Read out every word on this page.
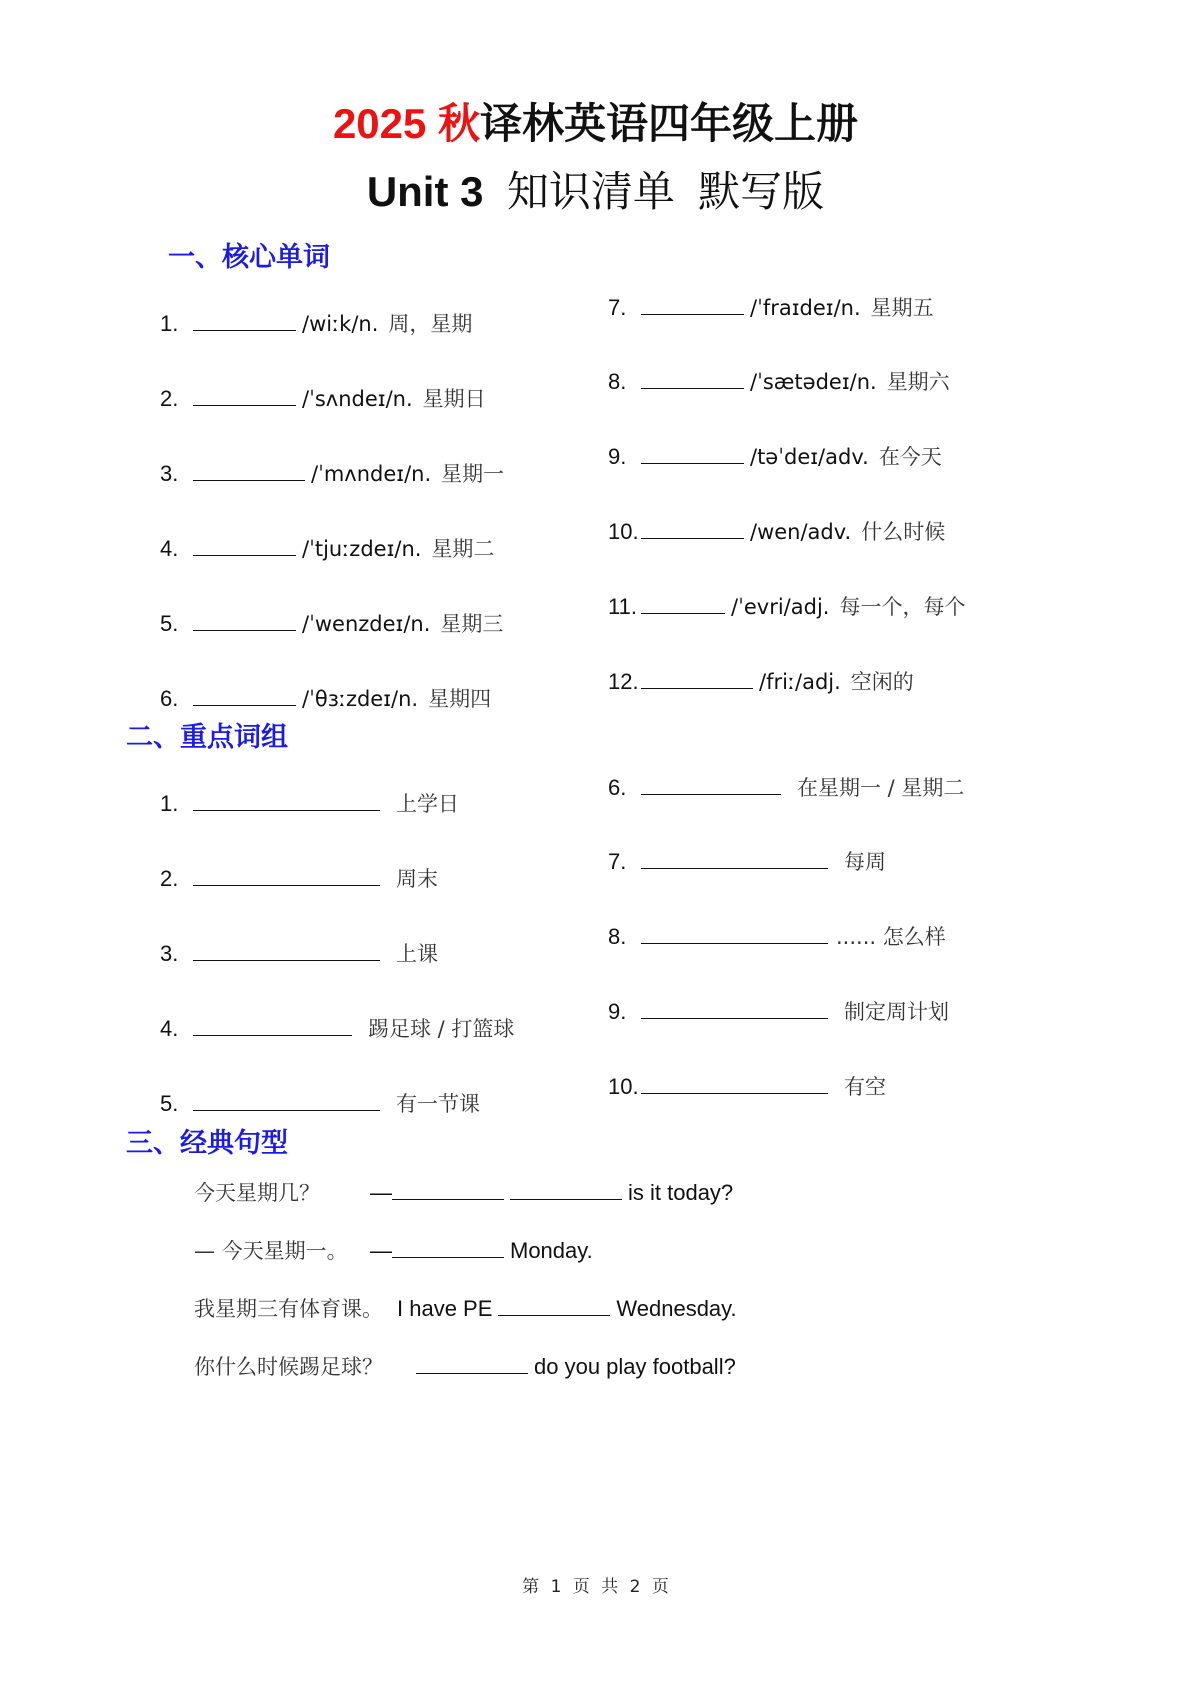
2025 秋译林英语四年级上册
Unit 3 知识清单  默写版
一、核心单词
1.	/wiːk/n. 周，星期
2.	/ˈsʌndeɪ/n. 星期日
3.	/ˈmʌndeɪ/n. 星期一
4.	/ˈtjuːzdeɪ/n. 星期二
5.	/ˈwenzdeɪ/n. 星期三
6.	/ˈθɜːzdeɪ/n. 星期四
7.	/ˈfraɪdeɪ/n. 星期五
8.	/ˈsætədeɪ/n. 星期六
9.	/təˈdeɪ/adv. 在今天
10.	/wen/adv. 什么时候
11.	/ˈevri/adj. 每一个，每个
12.	/friː/adj. 空闲的
二、重点词组
1.	上学日
2.	周末
3.	上课
4.	踢足球 / 打篮球
5.	有一节课
6.	在星期一 / 星期二
7.	每周
8.	...... 怎么样
9.	制定周计划
10.	有空
三、经典句型
今天星期几？	—	is it today?
— 今天星期一。	—	Monday.
我星期三有体育课。 I have PE	Wednesday.
你什么时候踢足球？	do you play football?
第 1 页 共 2 页
